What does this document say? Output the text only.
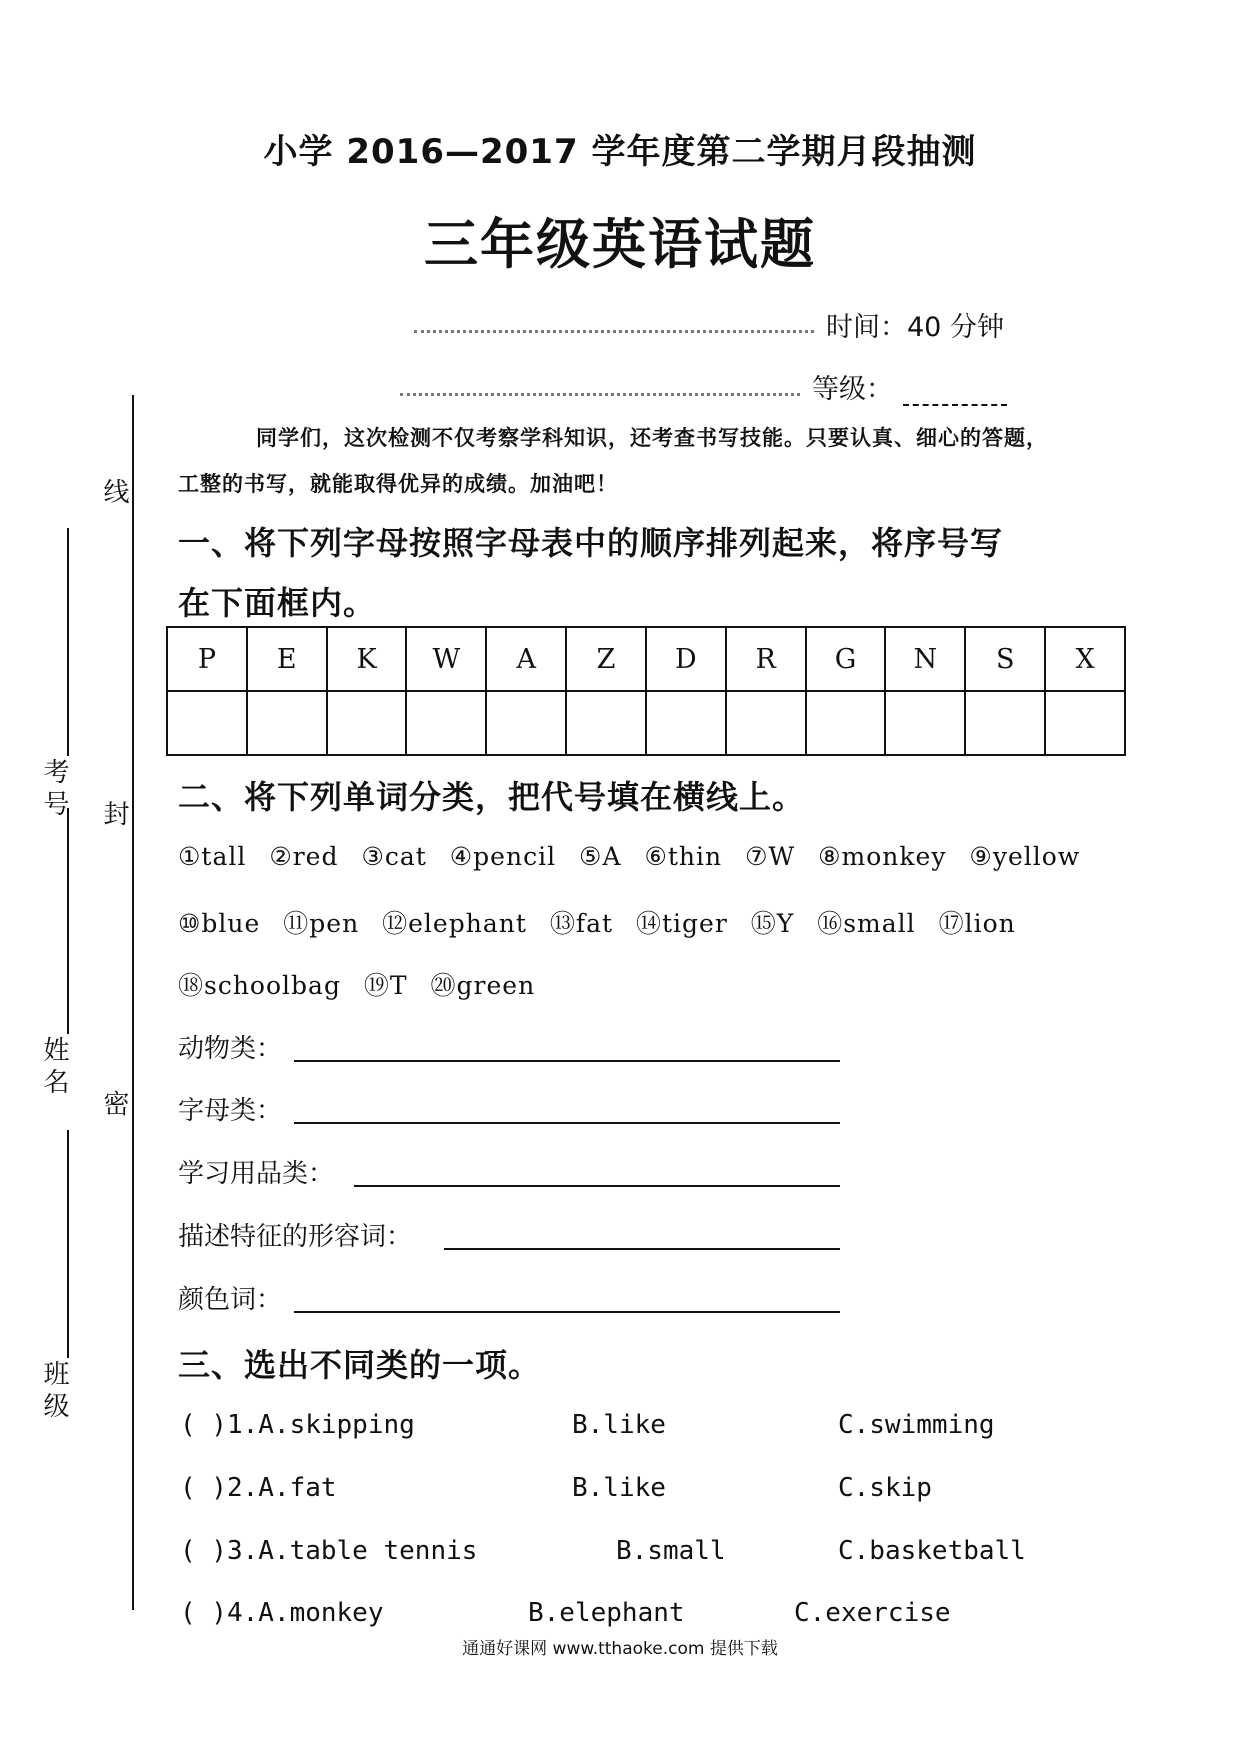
考号
姓名
班级
线
封
密
小学 2016—2017 学年度第二学期月段抽测
三年级英语试题
时间：40 分钟
等级：
同学们，这次检测不仅考察学科知识，还考查书写技能。只要认真、细心的答题，
工整的书写，就能取得优异的成绩。加油吧！
一、将下列字母按照字母表中的顺序排列起来，将序号写
在下面框内。
P	E	K	W	A	Z	D	R	G	N	S	X

二、将下列单词分类，把代号填在横线上。
①tall ②red ③cat ④pencil ⑤A ⑥thin ⑦W ⑧monkey ⑨yellow
⑩blue ⑪pen ⑫elephant ⑬fat ⑭tiger ⑮Y ⑯small ⑰lion
⑱schoolbag ⑲T ⑳green
动物类：
字母类：
学习用品类：
描述特征的形容词：
颜色词：
三、选出不同类的一项。
( )1.A.skipping	B.like	C.swimming
( )2.A.fat	B.like	C.skip
( )3.A.table tennis	B.small	C.basketball
( )4.A.monkey	B.elephant	C.exercise
通通好课网 www.tthaoke.com 提供下载
